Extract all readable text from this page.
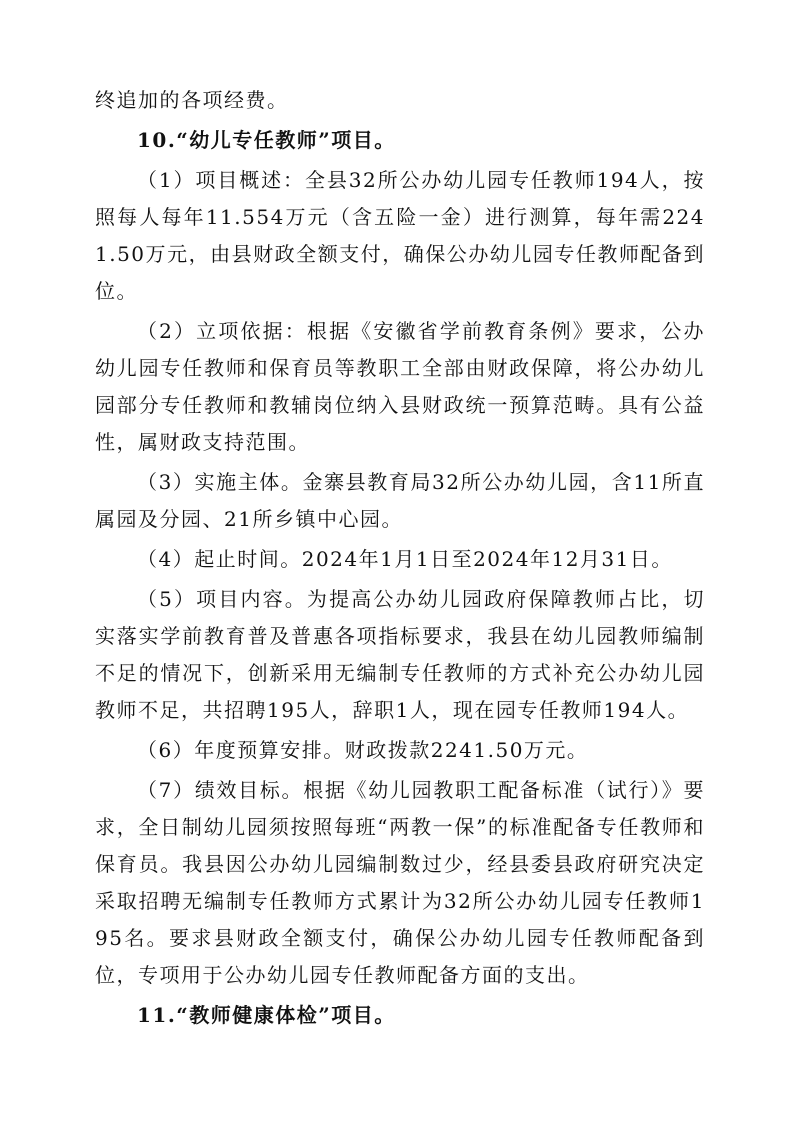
终追加的各项经费。

10.“幼儿专任教师”项目。

（1）项目概述：全县32所公办幼儿园专任教师194人，按照每人每年11.554万元（含五险一金）进行测算，每年需2241.50万元，由县财政全额支付，确保公办幼儿园专任教师配备到位。

（2）立项依据：根据《安徽省学前教育条例》要求，公办幼儿园专任教师和保育员等教职工全部由财政保障，将公办幼儿园部分专任教师和教辅岗位纳入县财政统一预算范畴。具有公益性，属财政支持范围。

（3）实施主体。金寨县教育局32所公办幼儿园，含11所直属园及分园、21所乡镇中心园。

（4）起止时间。2024年1月1日至2024年12月31日。

（5）项目内容。为提高公办幼儿园政府保障教师占比，切实落实学前教育普及普惠各项指标要求，我县在幼儿园教师编制不足的情况下，创新采用无编制专任教师的方式补充公办幼儿园教师不足，共招聘195人，辞职1人，现在园专任教师194人。

（6）年度预算安排。财政拨款2241.50万元。

（7）绩效目标。根据《幼儿园教职工配备标准（试行）》要求，全日制幼儿园须按照每班“两教一保”的标准配备专任教师和保育员。我县因公办幼儿园编制数过少，经县委县政府研究决定采取招聘无编制专任教师方式累计为32所公办幼儿园专任教师195名。要求县财政全额支付，确保公办幼儿园专任教师配备到位，专项用于公办幼儿园专任教师配备方面的支出。

11.“教师健康体检”项目。
